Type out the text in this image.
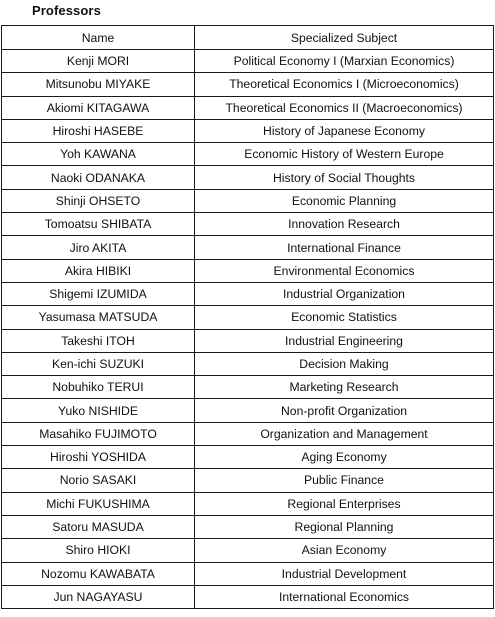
Professors
Name	Specialized Subject
Kenji MORI	Political Economy I (Marxian Economics)
Mitsunobu MIYAKE	Theoretical Economics I (Microeconomics)
Akiomi KITAGAWA	Theoretical Economics II (Macroeconomics)
Hiroshi HASEBE	History of Japanese Economy
Yoh KAWANA	Economic History of Western Europe
Naoki ODANAKA	History of Social Thoughts
Shinji OHSETO	Economic Planning
Tomoatsu SHIBATA	Innovation Research
Jiro AKITA	International Finance
Akira HIBIKI	Environmental Economics
Shigemi IZUMIDA	Industrial Organization
Yasumasa MATSUDA	Economic Statistics
Takeshi ITOH	Industrial Engineering
Ken-ichi SUZUKI	Decision Making
Nobuhiko TERUI	Marketing Research
Yuko NISHIDE	Non-profit Organization
Masahiko FUJIMOTO	Organization and Management
Hiroshi YOSHIDA	Aging Economy
Norio SASAKI	Public Finance
Michi FUKUSHIMA	Regional Enterprises
Satoru MASUDA	Regional Planning
Shiro HIOKI	Asian Economy
Nozomu KAWABATA	Industrial Development
Jun NAGAYASU	International Economics
